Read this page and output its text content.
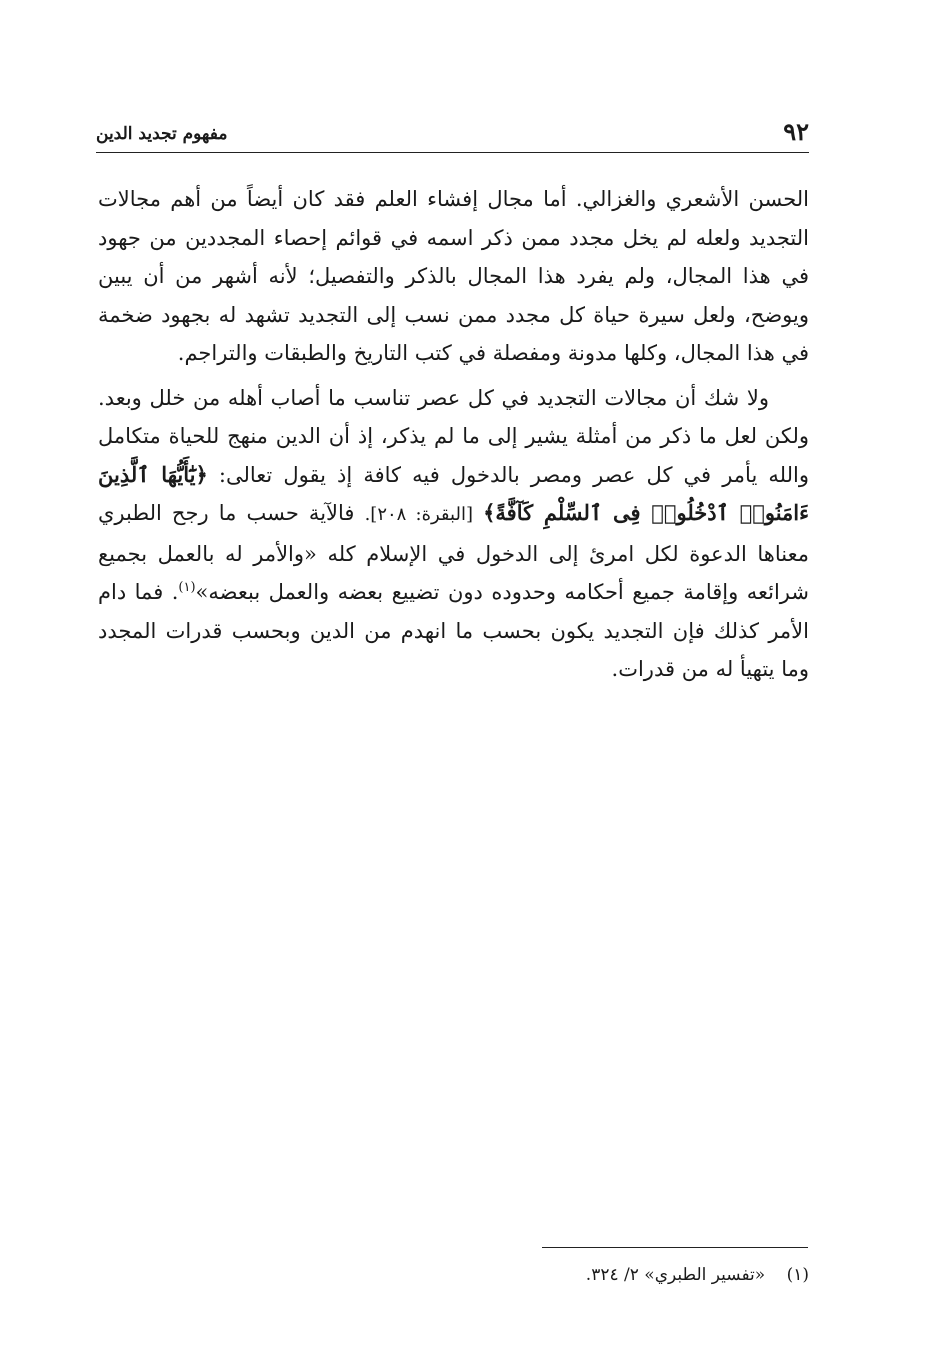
٩٢
مفهوم تجديد الدين

الحسن الأشعري والغزالي. أما مجال إفشاء العلم فقد كان أيضاً من أهم مجالات التجديد ولعله لم يخل مجدد ممن ذكر اسمه في قوائم إحصاء المجددين من جهود في هذا المجال، ولم يفرد هذا المجال بالذكر والتفصيل؛ لأنه أشهر من أن يبين ويوضح، ولعل سيرة حياة كل مجدد ممن نسب إلى التجديد تشهد له بجهود ضخمة في هذا المجال، وكلها مدونة ومفصلة في كتب التاريخ والطبقات والتراجم.

ولا شك أن مجالات التجديد في كل عصر تناسب ما أصاب أهله من خلل وبعد. ولكن لعل ما ذكر من أمثلة يشير إلى ما لم يذكر، إذ أن الدين منهج للحياة متكامل والله يأمر في كل عصر ومصر بالدخول فيه كافة إذ يقول تعالى: ﴿يَٰٓأَيُّهَا ٱلَّذِينَ ءَامَنُوا۟ ٱدْخُلُوا۟ فِى ٱلسِّلْمِ كَآفَّةً﴾ [البقرة: ٢٠٨]. فالآية حسب ما رجح الطبري معناها الدعوة لكل امرئ إلى الدخول في الإسلام كله «والأمر له بالعمل بجميع شرائعه وإقامة جميع أحكامه وحدوده دون تضييع بعضه والعمل ببعضه»$^{(١)}$. فما دام الأمر كذلك فإن التجديد يكون بحسب ما انهدم من الدين وبحسب قدرات المجدد وما يتهيأ له من قدرات.

(١) «تفسير الطبري» ٢/ ٣٢٤.
